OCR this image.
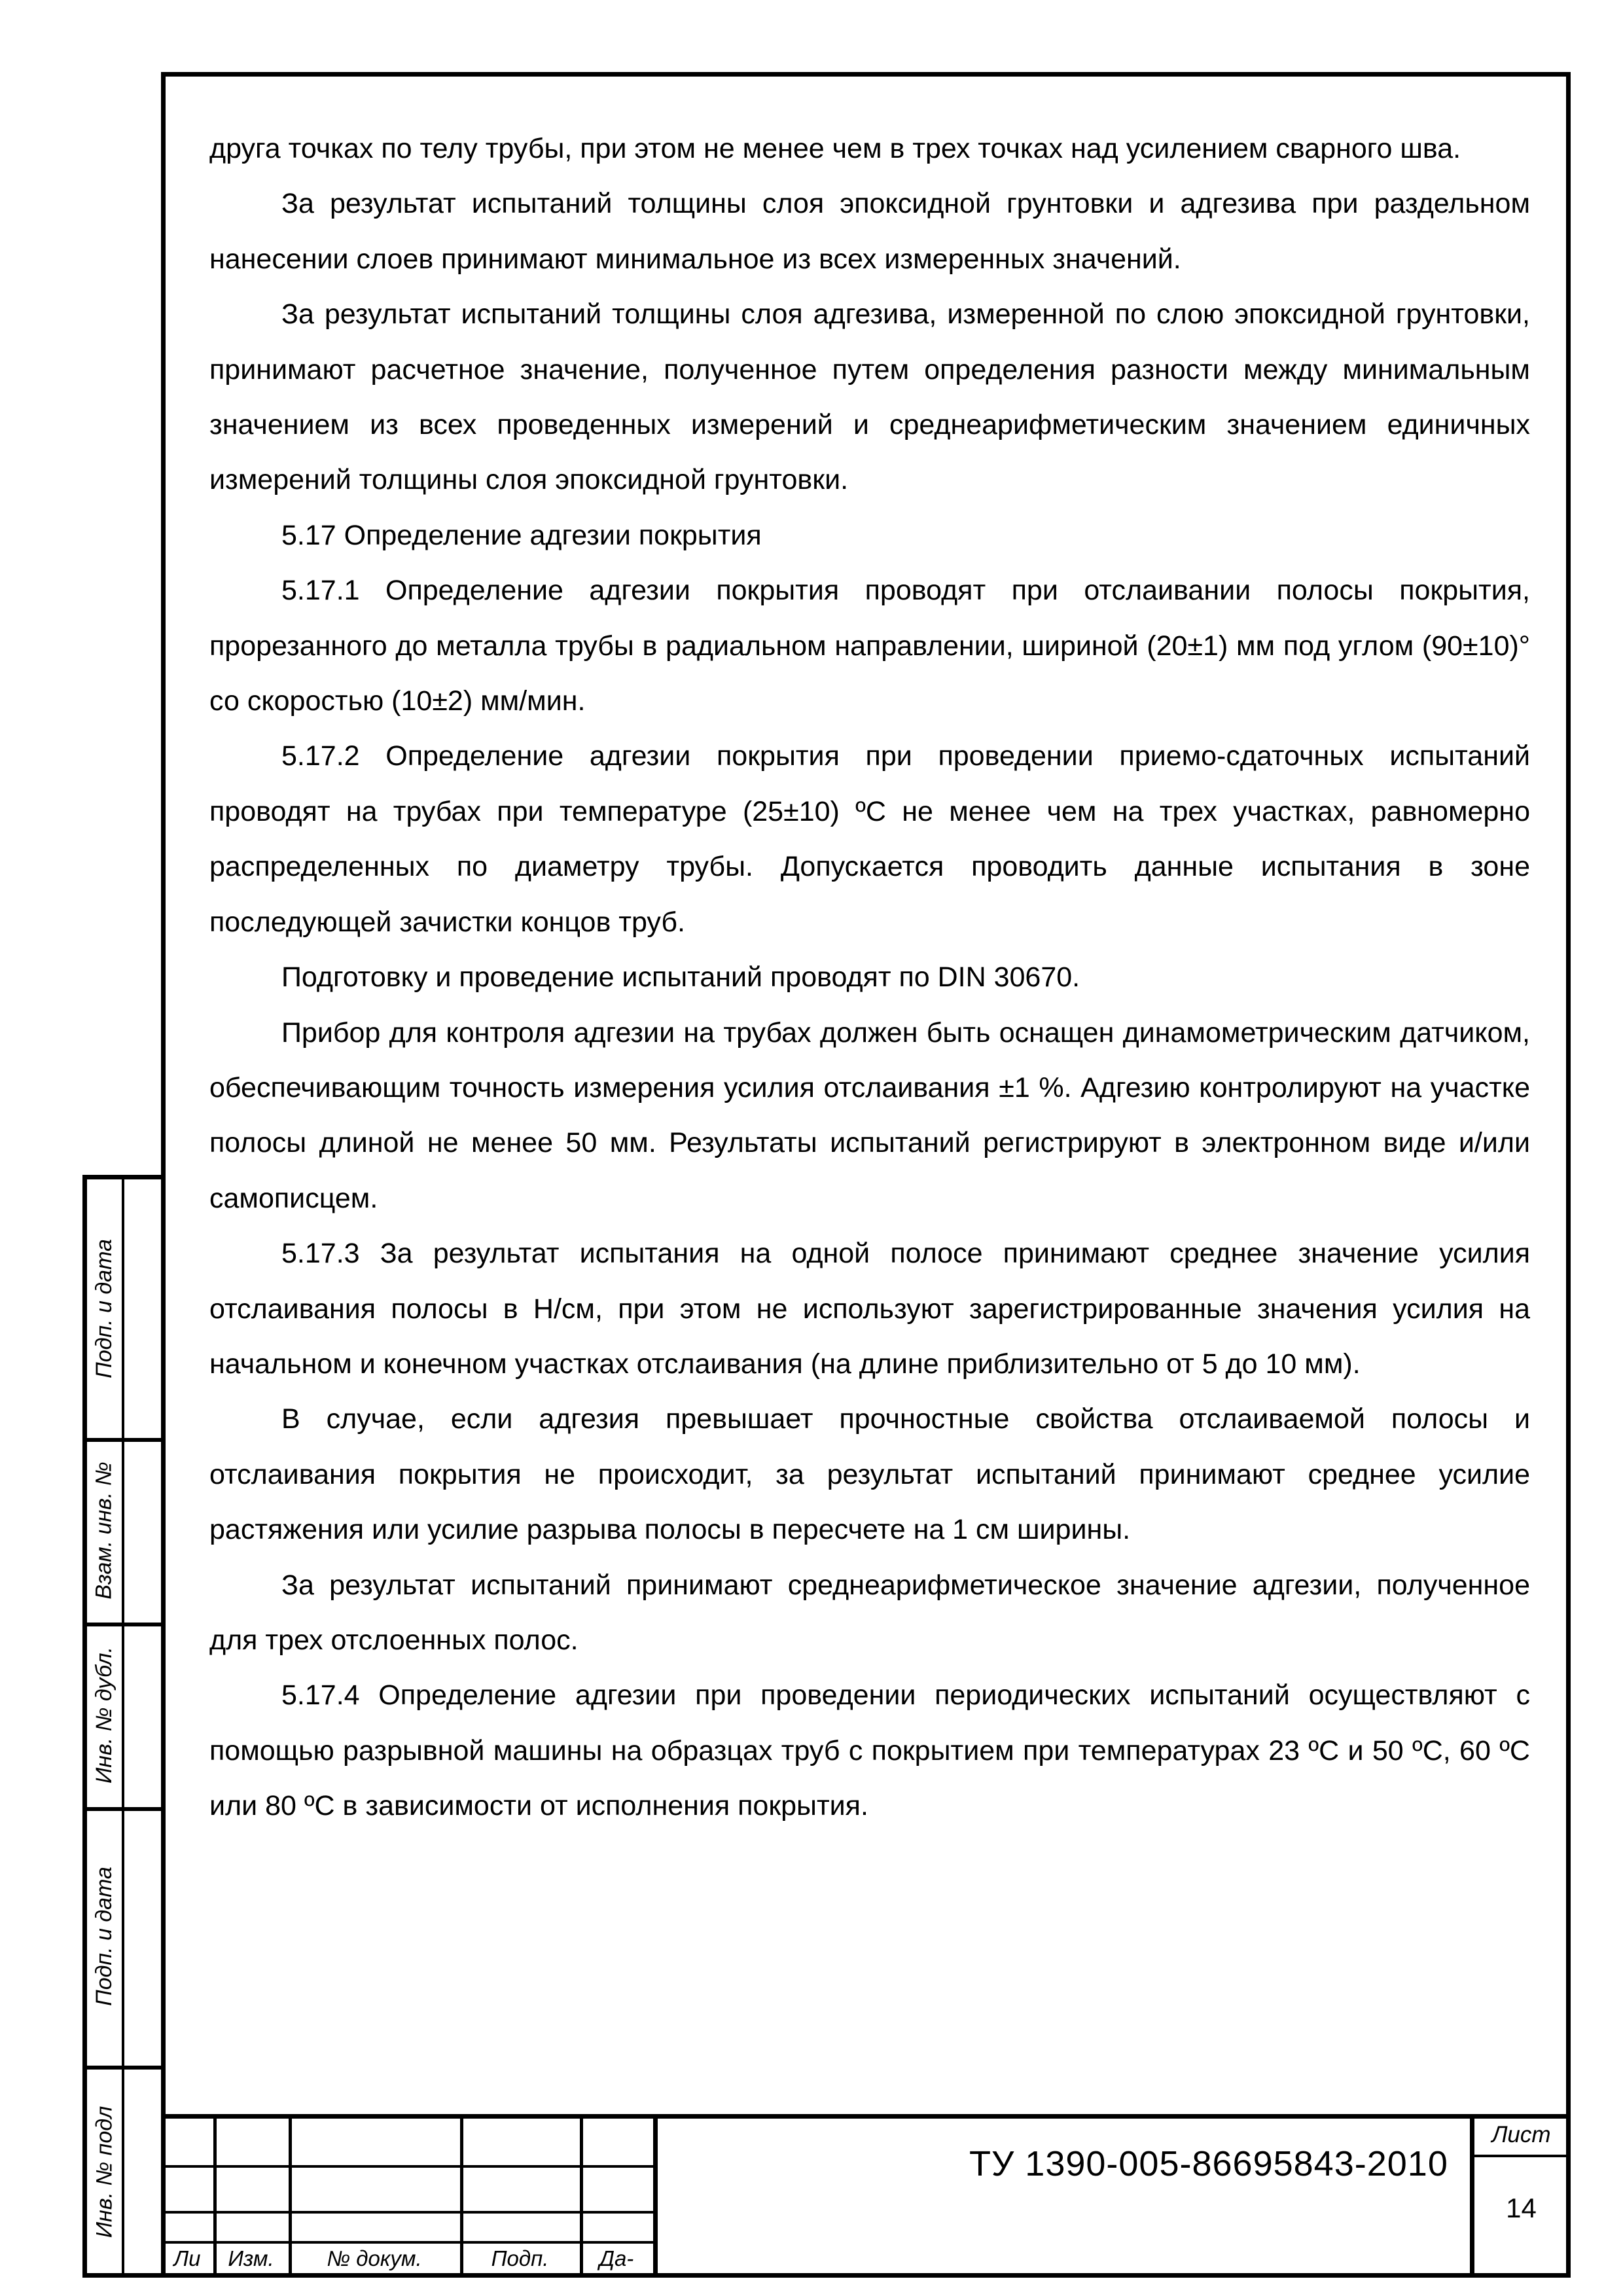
друга точках по телу трубы, при этом не менее чем в трех точках над усилением сварного шва.

За результат испытаний толщины слоя эпоксидной грунтовки и адгезива при раздельном нанесении слоев принимают минимальное из всех измеренных значений.

За результат испытаний толщины слоя адгезива, измеренной по слою эпоксидной грунтовки, принимают расчетное значение, полученное путем определения разности между минимальным значением из всех проведенных измерений и среднеарифметическим значением единичных измерений толщины слоя эпоксидной грунтовки.

5.17 Определение адгезии покрытия

5.17.1 Определение адгезии покрытия проводят при отслаивании полосы покрытия, прорезанного до металла трубы в радиальном направлении, шириной (20±1) мм под углом (90±10)° со скоростью (10±2) мм/мин.

5.17.2 Определение адгезии покрытия при проведении приемо-сдаточных испытаний проводят на трубах при температуре (25±10) ºС не менее чем на трех участках, равномерно распределенных по диаметру трубы. Допускается проводить данные испытания в зоне последующей зачистки концов труб.

Подготовку и проведение испытаний проводят по DIN 30670.

Прибор для контроля адгезии на трубах должен быть оснащен динамометрическим датчиком, обеспечивающим точность измерения усилия отслаивания ±1 %. Адгезию контролируют на участке полосы длиной не менее 50 мм. Результаты испытаний регистрируют в электронном виде и/или самописцем.

5.17.3 За результат испытания на одной полосе принимают среднее значение усилия отслаивания полосы в Н/см, при этом не используют зарегистрированные значения усилия на начальном и конечном участках отслаивания (на длине приблизительно от 5 до 10 мм).

В случае, если адгезия превышает прочностные свойства отслаиваемой полосы и отслаивания покрытия не происходит, за результат испытаний принимают среднее усилие растяжения или усилие разрыва полосы в пересчете на 1 см ширины.

За результат испытаний принимают среднеарифметическое значение адгезии, полученное для трех отслоенных полос.

5.17.4 Определение адгезии при проведении периодических испытаний осуществляют с помощью разрывной машины на образцах труб с покрытием при температурах 23 ºС и 50 ºС, 60 ºС или 80 ºС в зависимости от исполнения покрытия.

Подп. и дата
Взам. инв. №
Инв. № дубл.
Подп. и дата
Инв. № подл
Ли	Изм.	№ докум.	Подп.	Да-
ТУ 1390-005-86695843-2010
Лист
14
